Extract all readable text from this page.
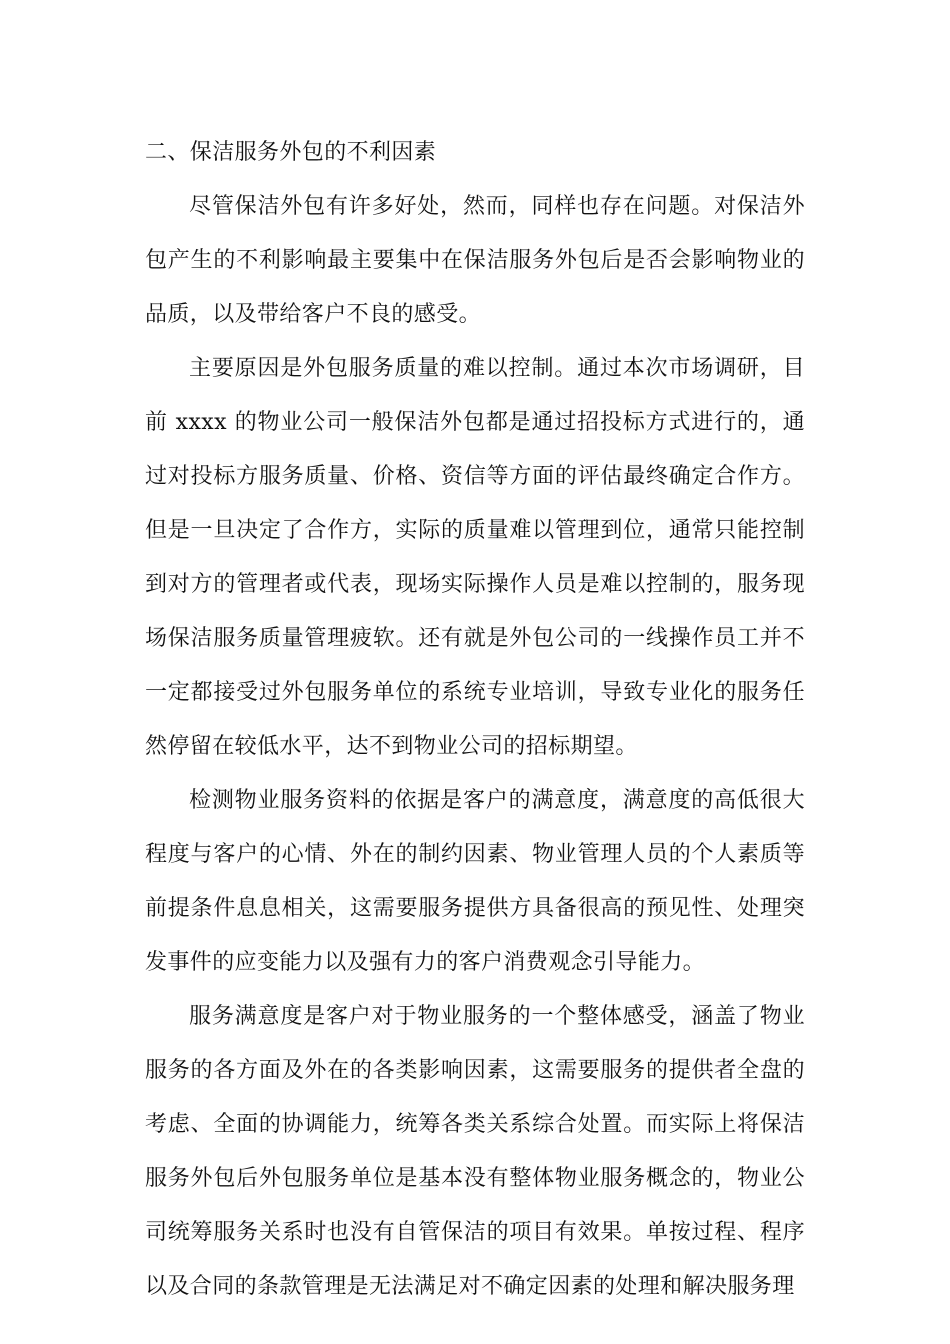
二、保洁服务外包的不利因素

尽管保洁外包有许多好处，然而，同样也存在问题。对保洁外包产生的不利影响最主要集中在保洁服务外包后是否会影响物业的品质，以及带给客户不良的感受。

主要原因是外包服务质量的难以控制。通过本次市场调研，目前 xxxx 的物业公司一般保洁外包都是通过招投标方式进行的，通过对投标方服务质量、价格、资信等方面的评估最终确定合作方。但是一旦决定了合作方，实际的质量难以管理到位，通常只能控制到对方的管理者或代表，现场实际操作人员是难以控制的，服务现场保洁服务质量管理疲软。还有就是外包公司的一线操作员工并不一定都接受过外包服务单位的系统专业培训，导致专业化的服务任然停留在较低水平，达不到物业公司的招标期望。

检测物业服务资料的依据是客户的满意度，满意度的高低很大程度与客户的心情、外在的制约因素、物业管理人员的个人素质等前提条件息息相关，这需要服务提供方具备很高的预见性、处理突发事件的应变能力以及强有力的客户消费观念引导能力。

服务满意度是客户对于物业服务的一个整体感受，涵盖了物业服务的各方面及外在的各类影响因素，这需要服务的提供者全盘的考虑、全面的协调能力，统筹各类关系综合处置。而实际上将保洁服务外包后外包服务单位是基本没有整体物业服务概念的，物业公司统筹服务关系时也没有自管保洁的项目有效果。单按过程、程序以及合同的条款管理是无法满足对不确定因素的处理和解决服务理
